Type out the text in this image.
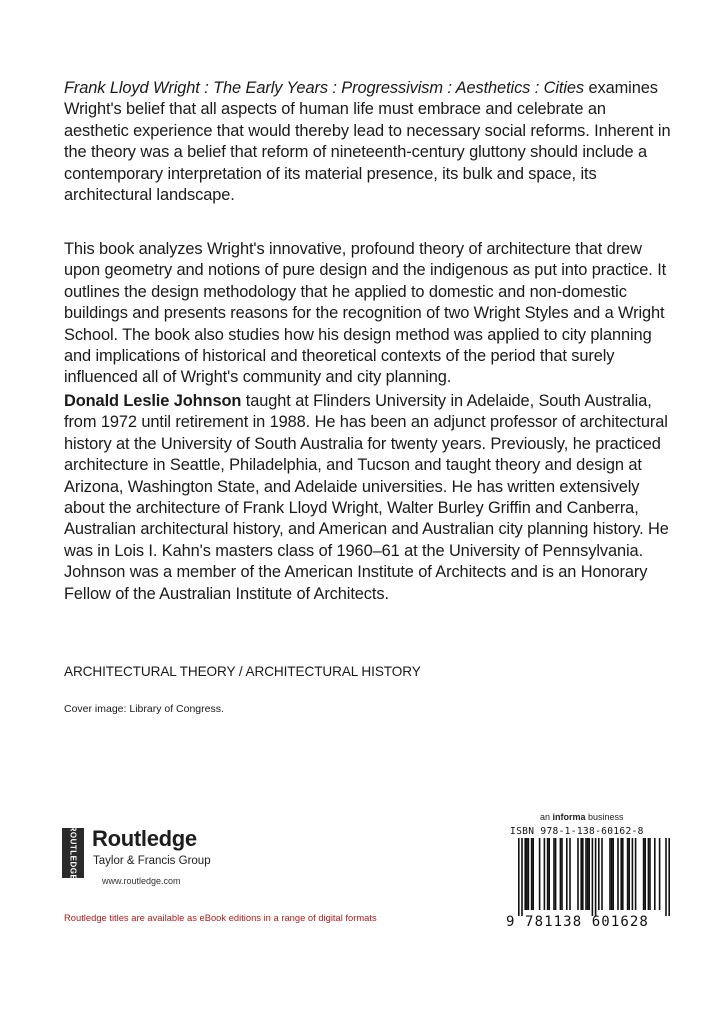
Frank Lloyd Wright : The Early Years : Progressivism : Aesthetics : Cities examines Wright's belief that all aspects of human life must embrace and celebrate an aesthetic experience that would thereby lead to necessary social reforms. Inherent in the theory was a belief that reform of nineteenth-century gluttony should include a contemporary interpretation of its material presence, its bulk and space, its architectural landscape.

This book analyzes Wright's innovative, profound theory of architecture that drew upon geometry and notions of pure design and the indigenous as put into practice. It outlines the design methodology that he applied to domestic and non-domestic buildings and presents reasons for the recognition of two Wright Styles and a Wright School. The book also studies how his design method was applied to city planning and implications of historical and theoretical contexts of the period that surely influenced all of Wright's community and city planning.

Donald Leslie Johnson taught at Flinders University in Adelaide, South Australia, from 1972 until retirement in 1988. He has been an adjunct professor of architectural history at the University of South Australia for twenty years. Previously, he practiced architecture in Seattle, Philadelphia, and Tucson and taught theory and design at Arizona, Washington State, and Adelaide universities. He has written extensively about the architecture of Frank Lloyd Wright, Walter Burley Griffin and Canberra, Australian architectural history, and American and Australian city planning history. He was in Lois I. Kahn's masters class of 1960–61 at the University of Pennsylvania. Johnson was a member of the American Institute of Architects and is an Honorary Fellow of the Australian Institute of Architects.

ARCHITECTURAL THEORY / ARCHITECTURAL HISTORY
Cover image: Library of Congress.
ROUTLEDGE Routledge
Taylor & Francis Group
www.routledge.com
Routledge titles are available as eBook editions in a range of digital formats
an informa business
ISBN 978-1-138-60162-8
9 781138 601628
